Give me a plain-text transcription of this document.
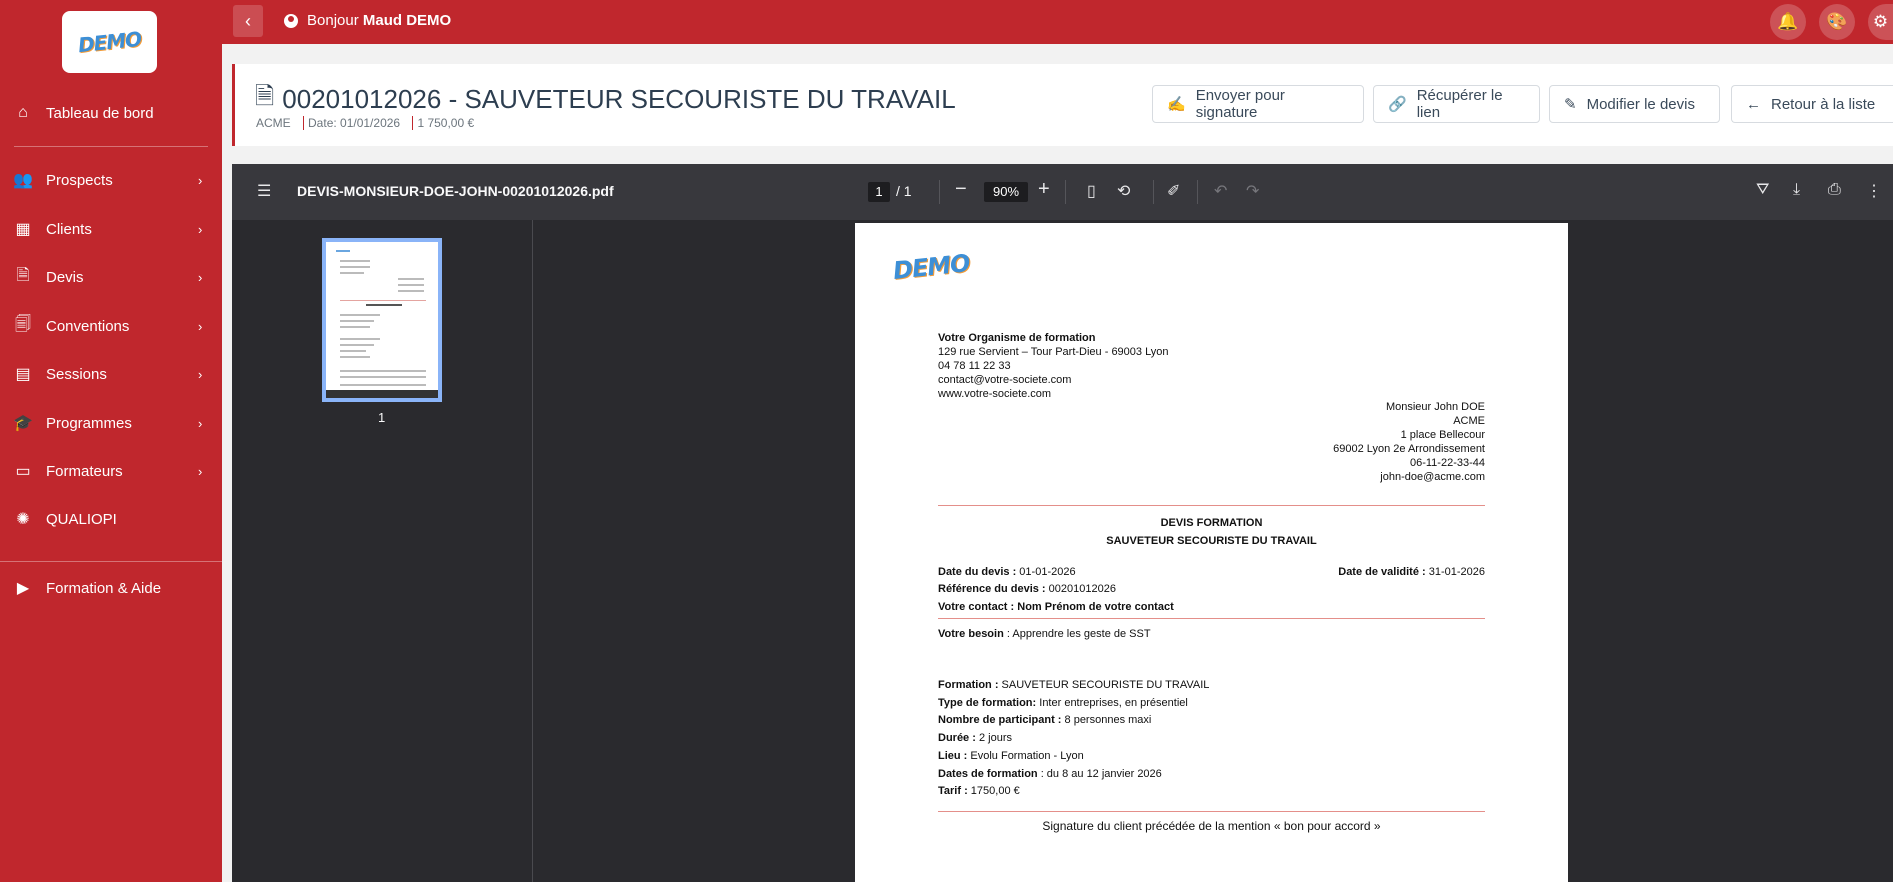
DEMO
⌂	Tableau de bord
👥 Prospects	›
▦	Clients	›
🗎	Devis	›
🗐	Conventions	›
▤	Sessions	›
🎓 Programmes	›
▭	Formateurs	›
✺	QUALIOPI
▶	Formation & Aide
‹	Bonjour Maud DEMO	🔔 🎨 ⚙
🗎 00201012026 - SAUVETEUR SECOURISTE DU TRAVAIL
ACME Date: 01/01/2026 1 750,00 €
✍
Envoyer pour signature	🔗
Récupérer le lien	✎ Modifier le devis	← Retour à la liste
☰ DEVIS-MONSIEUR-DOE-JOHN-00201012026.pdf	1 / 1 −	90% + ▯ ⟲ ✐ ↶ ↷	⛛ ⤓ ⎙ ⋮
1
DEMO
Votre Organisme de formation
129 rue Servient – Tour Part-Dieu - 69003 Lyon
04 78 11 22 33
contact@votre-societe.com
www.votre-societe.com
Monsieur John DOE
ACME
1 place Bellecour
69002 Lyon 2e Arrondissement
06-11-22-33-44
john-doe@acme.com
DEVIS FORMATION
SAUVETEUR SECOURISTE DU TRAVAIL
Date du devis : 01-01-2026	Date de validité : 31-01-2026
Référence du devis : 00201012026
Votre contact : Nom Prénom de votre contact
Votre besoin : Apprendre les geste de SST
Formation : SAUVETEUR SECOURISTE DU TRAVAIL
Type de formation: Inter entreprises, en présentiel
Nombre de participant : 8 personnes maxi
Durée : 2 jours
Lieu : Evolu Formation - Lyon
Dates de formation : du 8 au 12 janvier 2026
Tarif : 1750,00 €
Signature du client précédée de la mention « bon pour accord »
